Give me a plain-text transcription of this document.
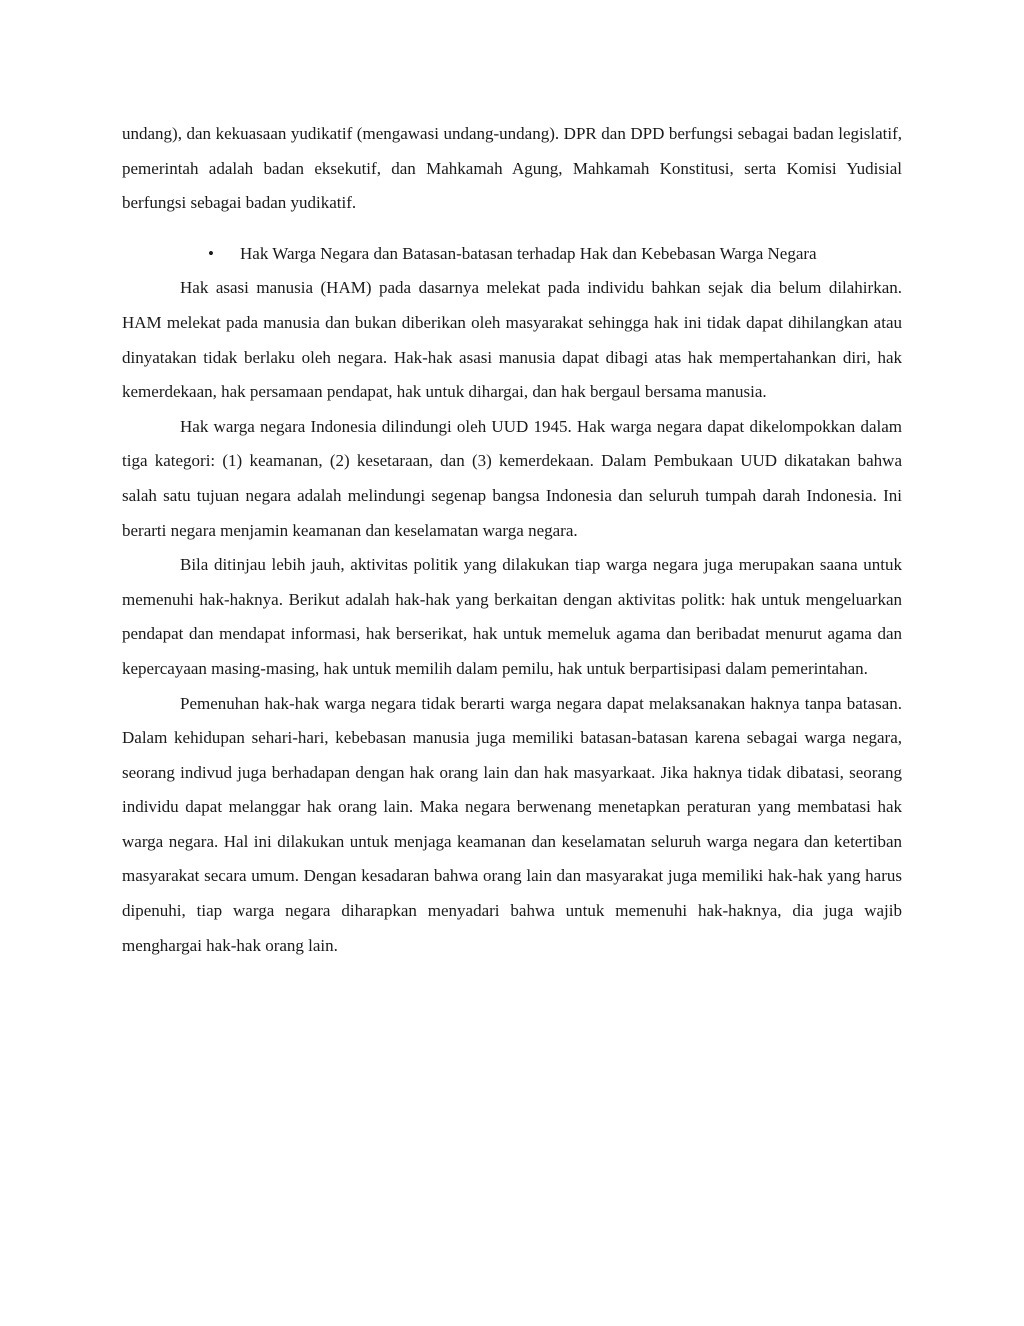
undang), dan kekuasaan yudikatif (mengawasi undang-undang). DPR dan DPD berfungsi sebagai badan legislatif, pemerintah adalah badan eksekutif, dan Mahkamah Agung, Mahkamah Konstitusi, serta Komisi Yudisial berfungsi sebagai badan yudikatif.

• Hak Warga Negara dan Batasan-batasan terhadap Hak dan Kebebasan Warga Negara

Hak asasi manusia (HAM) pada dasarnya melekat pada individu bahkan sejak dia belum dilahirkan. HAM melekat pada manusia dan bukan diberikan oleh masyarakat sehingga hak ini tidak dapat dihilangkan atau dinyatakan tidak berlaku oleh negara. Hak-hak asasi manusia dapat dibagi atas hak mempertahankan diri, hak kemerdekaan, hak persamaan pendapat, hak untuk dihargai, dan hak bergaul bersama manusia.

Hak warga negara Indonesia dilindungi oleh UUD 1945. Hak warga negara dapat dikelompokkan dalam tiga kategori: (1) keamanan, (2) kesetaraan, dan (3) kemerdekaan. Dalam Pembukaan UUD dikatakan bahwa salah satu tujuan negara adalah melindungi segenap bangsa Indonesia dan seluruh tumpah darah Indonesia. Ini berarti negara menjamin keamanan dan keselamatan warga negara.

Bila ditinjau lebih jauh, aktivitas politik yang dilakukan tiap warga negara juga merupakan saana untuk memenuhi hak-haknya. Berikut adalah hak-hak yang berkaitan dengan aktivitas politk: hak untuk mengeluarkan pendapat dan mendapat informasi, hak berserikat, hak untuk memeluk agama dan beribadat menurut agama dan kepercayaan masing-masing, hak untuk memilih dalam pemilu, hak untuk berpartisipasi dalam pemerintahan.

Pemenuhan hak-hak warga negara tidak berarti warga negara dapat melaksanakan haknya tanpa batasan. Dalam kehidupan sehari-hari, kebebasan manusia juga memiliki batasan-batasan karena sebagai warga negara, seorang indivud juga berhadapan dengan hak orang lain dan hak masyarkaat. Jika haknya tidak dibatasi, seorang individu dapat melanggar hak orang lain. Maka negara berwenang menetapkan peraturan yang membatasi hak warga negara. Hal ini dilakukan untuk menjaga keamanan dan keselamatan seluruh warga negara dan ketertiban masyarakat secara umum. Dengan kesadaran bahwa orang lain dan masyarakat juga memiliki hak-hak yang harus dipenuhi, tiap warga negara diharapkan menyadari bahwa untuk memenuhi hak-haknya, dia juga wajib menghargai hak-hak orang lain.
